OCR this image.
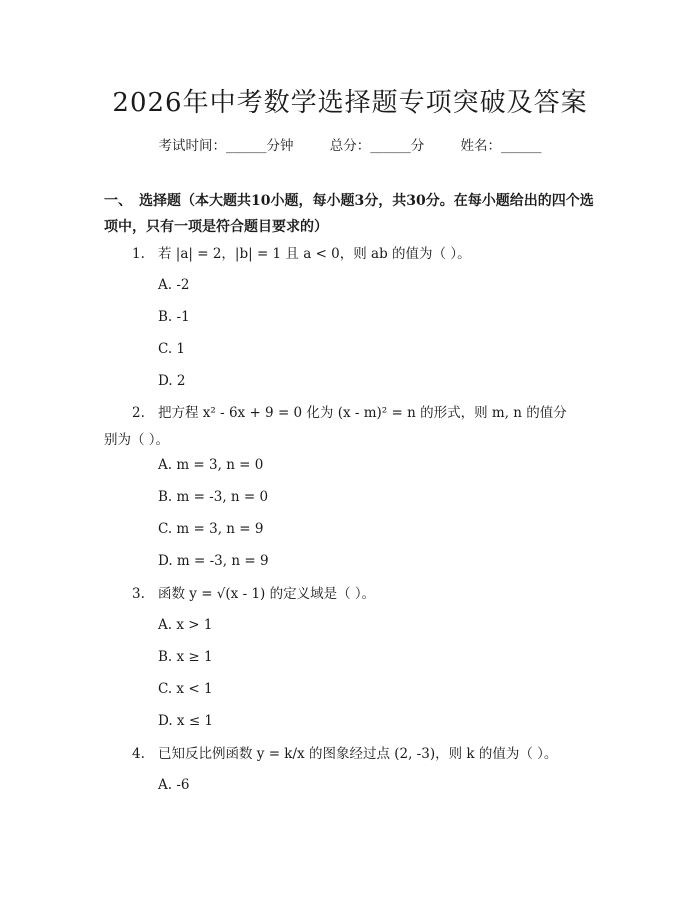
2026年中考数学选择题专项突破及答案
考试时间：______分钟	总分：______分	姓名：______
一、　选择题（本大题共10小题，每小题3分，共30分。在每小题给出的四个选
项中，只有一项是符合题目要求的）
1. 若 |a| = 2，|b| = 1 且 a < 0，则 ab 的值为（ ）。
A. -2
B. -1
C. 1
D. 2
2. 把方程 x² - 6x + 9 = 0 化为 (x - m)² = n 的形式，则 m, n 的值分
别为（ ）。
A. m = 3, n = 0
B. m = -3, n = 0
C. m = 3, n = 9
D. m = -3, n = 9
3. 函数 y = √(x - 1) 的定义域是（ ）。
A. x > 1
B. x ≥ 1
C. x < 1
D. x ≤ 1
4. 已知反比例函数 y = k/x 的图象经过点 (2, -3)，则 k 的值为（ ）。
A. -6
